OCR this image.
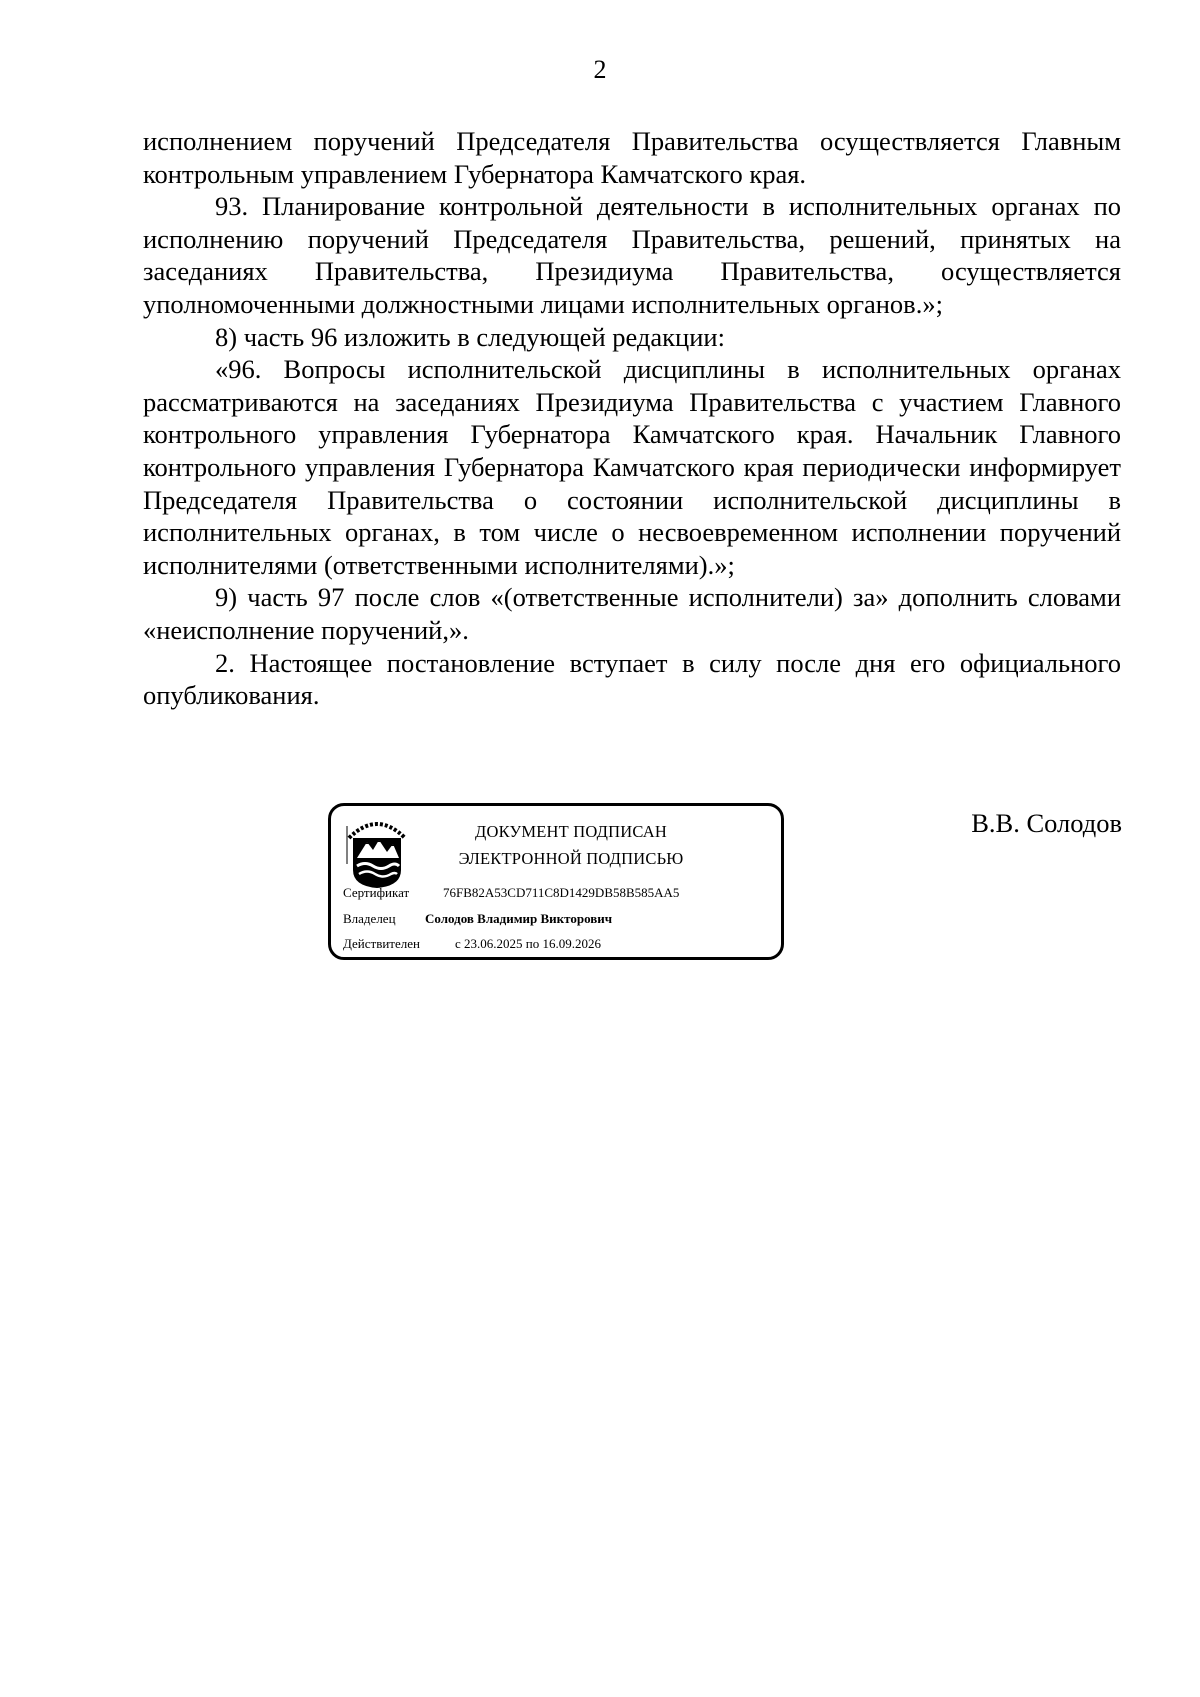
2

исполнением поручений Председателя Правительства осуществляется Главным контрольным управлением Губернатора Камчатского края.

93. Планирование контрольной деятельности в исполнительных органах по исполнению поручений Председателя Правительства, решений, принятых на заседаниях Правительства, Президиума Правительства, осуществляется уполномоченными должностными лицами исполнительных органов.»;

8) часть 96 изложить в следующей редакции:

«96. Вопросы исполнительской дисциплины в исполнительных органах рассматриваются на заседаниях Президиума Правительства с участием Главного контрольного управления Губернатора Камчатского края. Начальник Главного контрольного управления Губернатора Камчатского края периодически информирует Председателя Правительства о состоянии исполнительской дисциплины в исполнительных органах, в том числе о несвоевременном исполнении поручений исполнителями (ответственными исполнителями).»;

9) часть 97 после слов «(ответственные исполнители) за» дополнить словами «неисполнение поручений,».

2. Настоящее постановление вступает в силу после дня его официального опубликования.

ДОКУМЕНТ ПОДПИСАН
ЭЛЕКТРОННОЙ ПОДПИСЬЮ
Сертификат	76FB82A53CD711C8D1429DB58B585AA5
Владелец Солодов Владимир Викторович
Действителен	с 23.06.2025 по 16.09.2026
В.В. Солодов
